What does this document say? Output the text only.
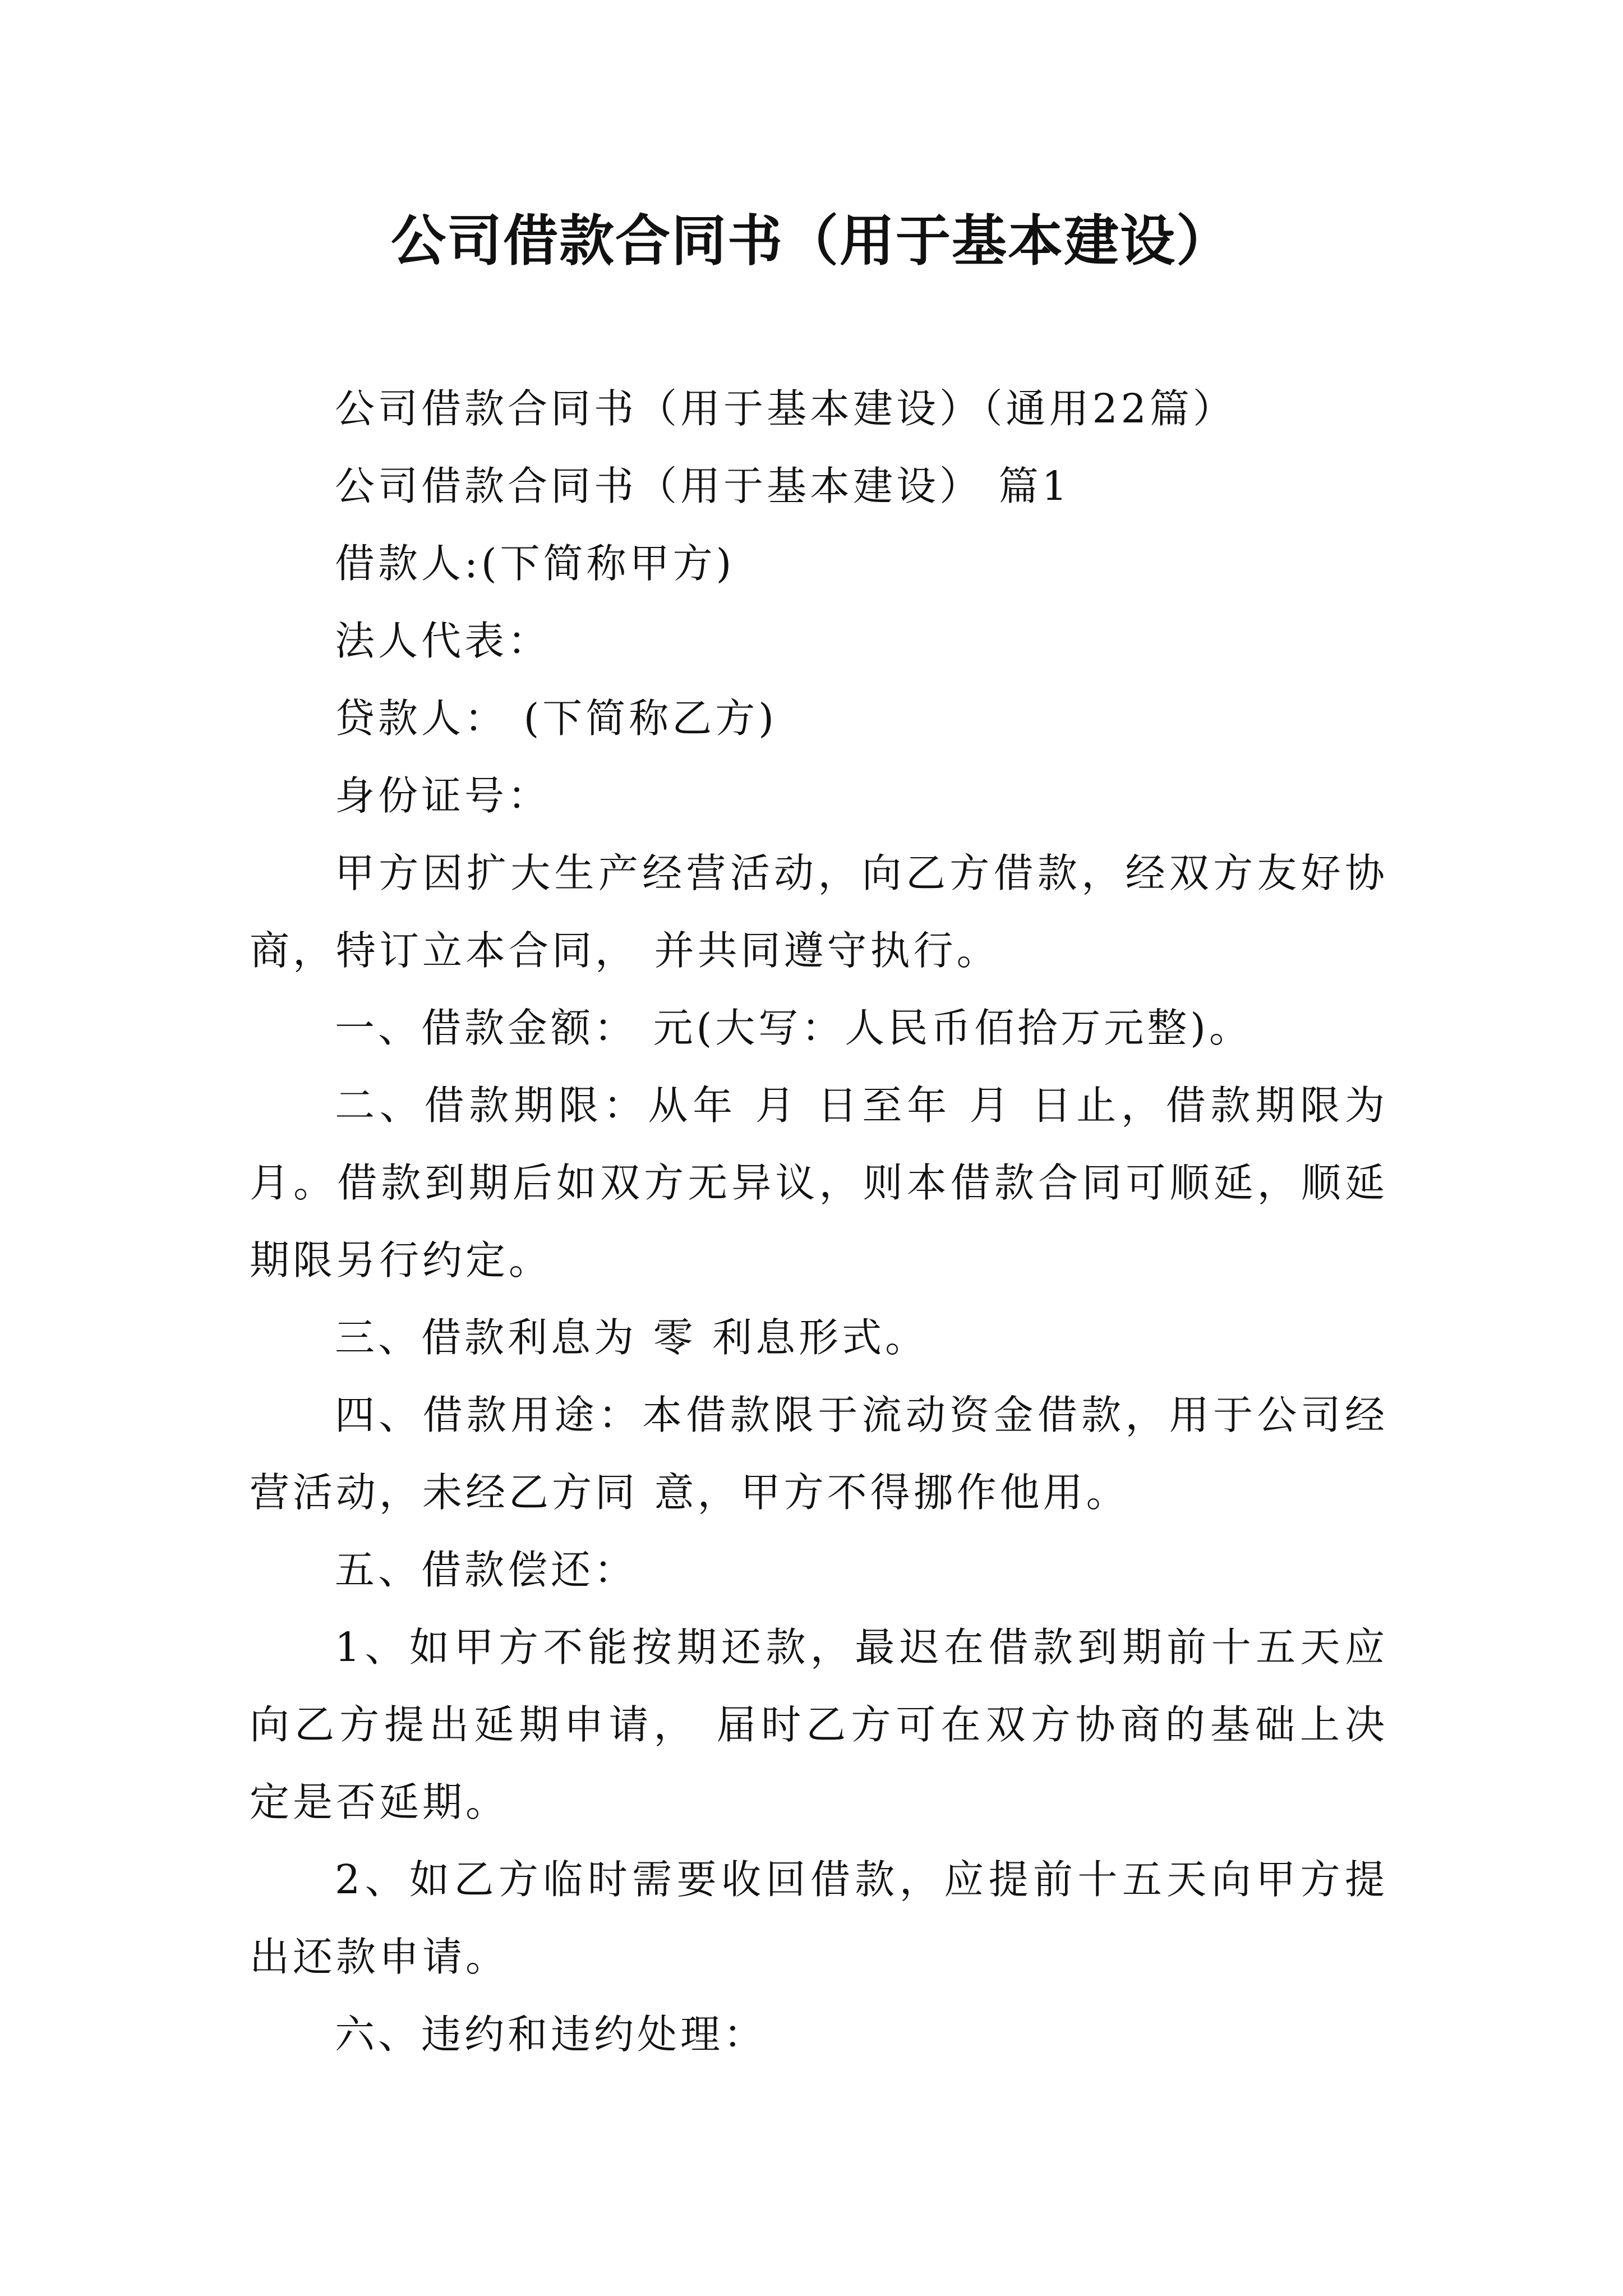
公司借款合同书（用于基本建设）

公司借款合同书（用于基本建设）（通用22篇）

公司借款合同书（用于基本建设） 篇1

借款人:(下简称甲方)

法人代表：

贷款人： (下简称乙方)

身份证号：

甲方因扩大生产经营活动，向乙方借款，经双方友好协商，特订立本合同， 并共同遵守执行。

一、借款金额： 元(大写：人民币佰拾万元整)。

二、借款期限：从年 月 日至年 月 日止，借款期限为月。借款到期后如双方无异议，则本借款合同可顺延，顺延期限另行约定。

三、借款利息为 零 利息形式。

四、借款用途：本借款限于流动资金借款，用于公司经营活动，未经乙方同 意，甲方不得挪作他用。

五、借款偿还：

1、如甲方不能按期还款，最迟在借款到期前十五天应向乙方提出延期申请， 届时乙方可在双方协商的基础上决定是否延期。

2、如乙方临时需要收回借款，应提前十五天向甲方提出还款申请。

六、违约和违约处理：
